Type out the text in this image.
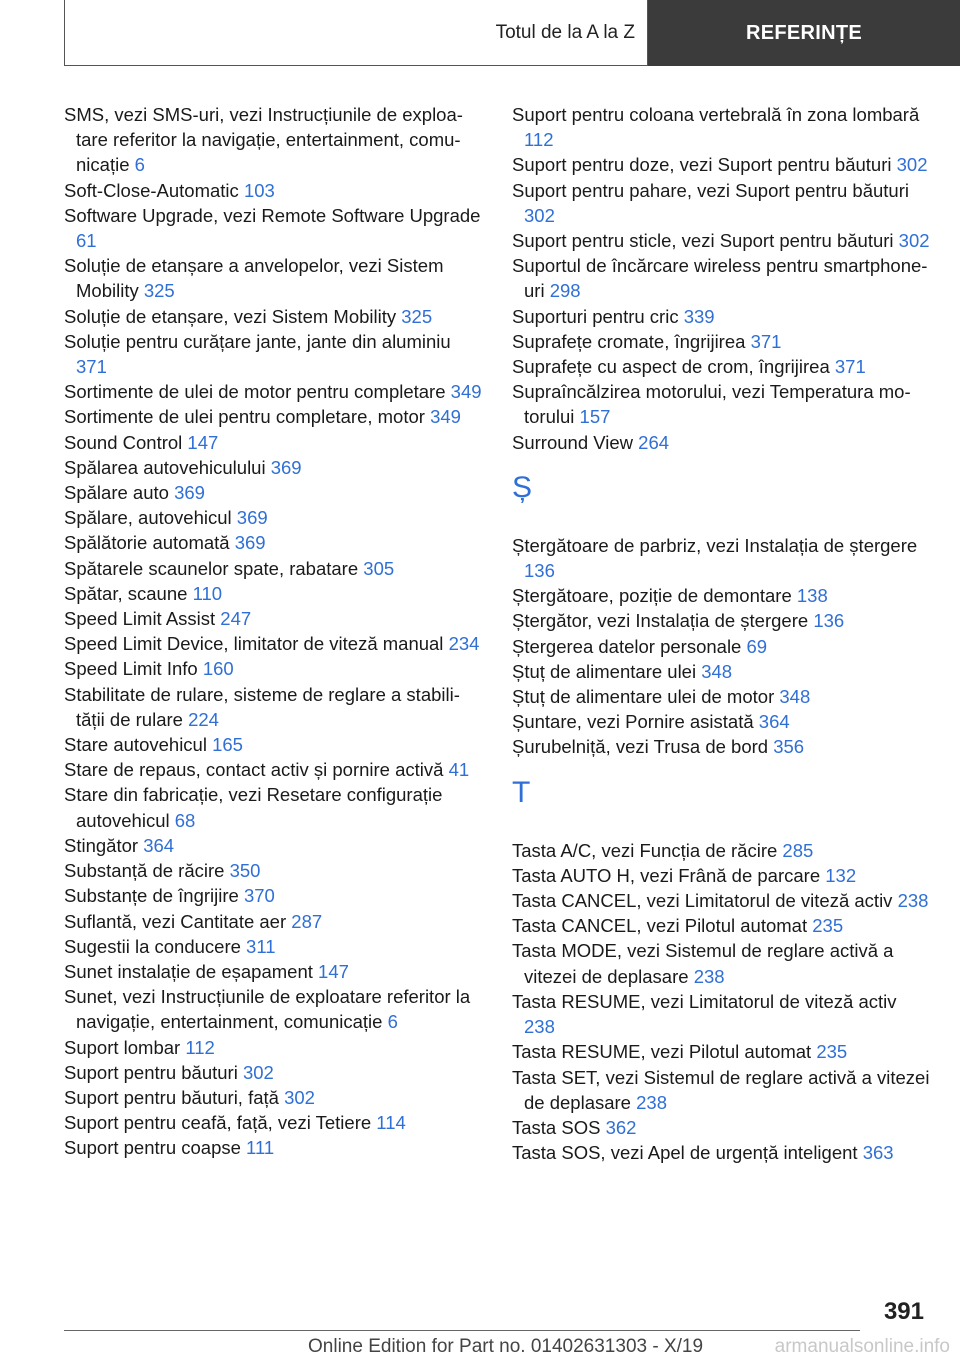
Totul de la A la Z	REFERINȚE
SMS, vezi SMS-uri, vezi Instrucțiunile de exploatare referitor la navigație, entertainment, comunicație 6
Soft-Close-Automatic 103
Software Upgrade, vezi Remote Software Upgrade 61
Soluție de etanșare a anvelopelor, vezi Sistem Mobility 325
Soluție de etanșare, vezi Sistem Mobility 325
Soluție pentru curățare jante, jante din aluminiu 371
Sortimente de ulei de motor pentru completare 349
Sortimente de ulei pentru completare, motor 349
Sound Control 147
Spălarea autovehiculului 369
Spălare auto 369
Spălare, autovehicul 369
Spălătorie automată 369
Spătarele scaunelor spate, rabatare 305
Spătar, scaune 110
Speed Limit Assist 247
Speed Limit Device, limitator de viteză manual 234
Speed Limit Info 160
Stabilitate de rulare, sisteme de reglare a stabilității de rulare 224
Stare autovehicul 165
Stare de repaus, contact activ și pornire activă 41
Stare din fabricație, vezi Resetare configurație autovehicul 68
Stingător 364
Substanță de răcire 350
Substanțe de îngrijire 370
Suflantă, vezi Cantitate aer 287
Sugestii la conducere 311
Sunet instalație de eșapament 147
Sunet, vezi Instrucțiunile de exploatare referitor la navigație, entertainment, comunicație 6
Suport lombar 112
Suport pentru băuturi 302
Suport pentru băuturi, față 302
Suport pentru ceafă, față, vezi Tetiere 114
Suport pentru coapse 111
Suport pentru coloana vertebrală în zona lombară 112
Suport pentru doze, vezi Suport pentru băuturi 302
Suport pentru pahare, vezi Suport pentru băuturi 302
Suport pentru sticle, vezi Suport pentru băuturi 302
Suportul de încărcare wireless pentru smartphone-uri 298
Suporturi pentru cric 339
Suprafețe cromate, îngrijirea 371
Suprafețe cu aspect de crom, îngrijirea 371
Supraîncălzirea motorului, vezi Temperatura motorului 157
Surround View 264
Ș
Ștergătoare de parbriz, vezi Instalația de ștergere 136
Ștergătoare, poziție de demontare 138
Ștergător, vezi Instalația de ștergere 136
Ștergerea datelor personale 69
Ștuț de alimentare ulei 348
Ștuț de alimentare ulei de motor 348
Șuntare, vezi Pornire asistată 364
Șurubelniță, vezi Trusa de bord 356
T
Tasta A/C, vezi Funcția de răcire 285
Tasta AUTO H, vezi Frână de parcare 132
Tasta CANCEL, vezi Limitatorul de viteză activ 238
Tasta CANCEL, vezi Pilotul automat 235
Tasta MODE, vezi Sistemul de reglare activă a vitezei de deplasare 238
Tasta RESUME, vezi Limitatorul de viteză activ 238
Tasta RESUME, vezi Pilotul automat 235
Tasta SET, vezi Sistemul de reglare activă a vitezei de deplasare 238
Tasta SOS 362
Tasta SOS, vezi Apel de urgență inteligent 363
391
Online Edition for Part no. 01402631303 - X/19	armanualsonline.info
